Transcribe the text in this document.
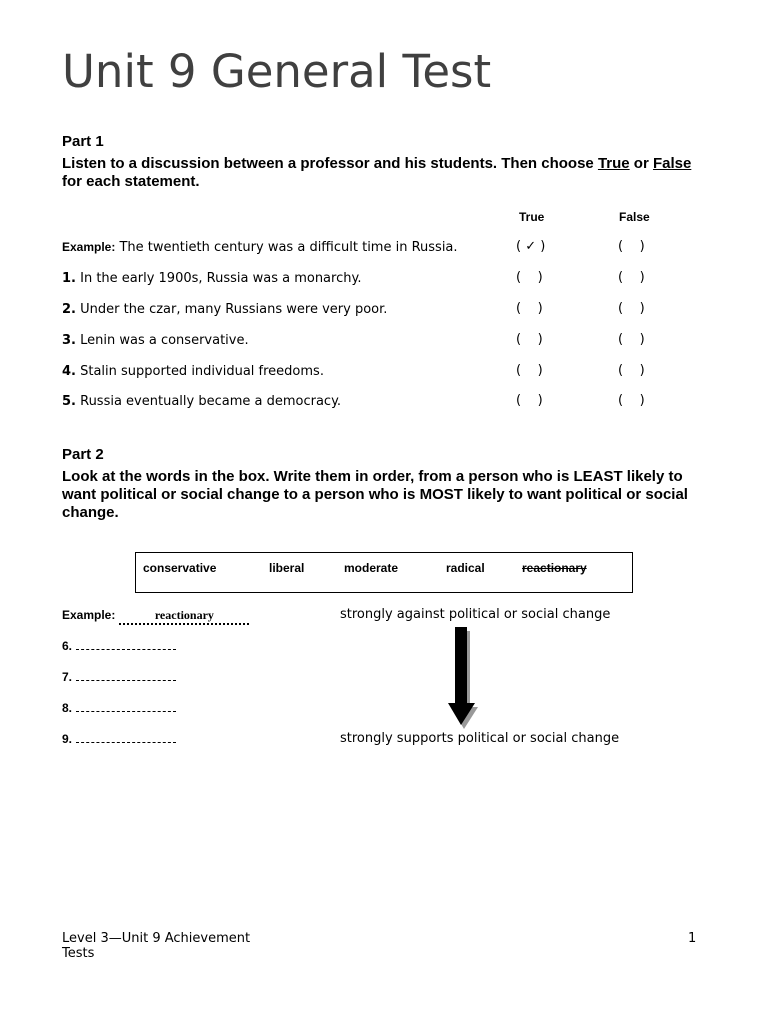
Unit 9 General Test
Part 1
Listen to a discussion between a professor and his students. Then choose True or False for each statement.
True	False
Example: The twentieth century was a difficult time in Russia.	( ✓ )	(    )
1. In the early 1900s, Russia was a monarchy.	(    )	(    )
2. Under the czar, many Russians were very poor.	(    )	(    )
3. Lenin was a conservative.	(    )	(    )
4. Stalin supported individual freedoms.	(    )	(    )
5. Russia eventually became a democracy.	(    )	(    )
Part 2
Look at the words in the box. Write them in order, from a person who is LEAST likely to want political or social change to a person who is MOST likely to want political or social change.
conservative	liberal	moderate	radical	reactionary
Example:	reactionary	strongly against political or social change
6.
7.
8.
9.	strongly supports political or social change
Level 3—Unit 9 Achievement
Tests
1
